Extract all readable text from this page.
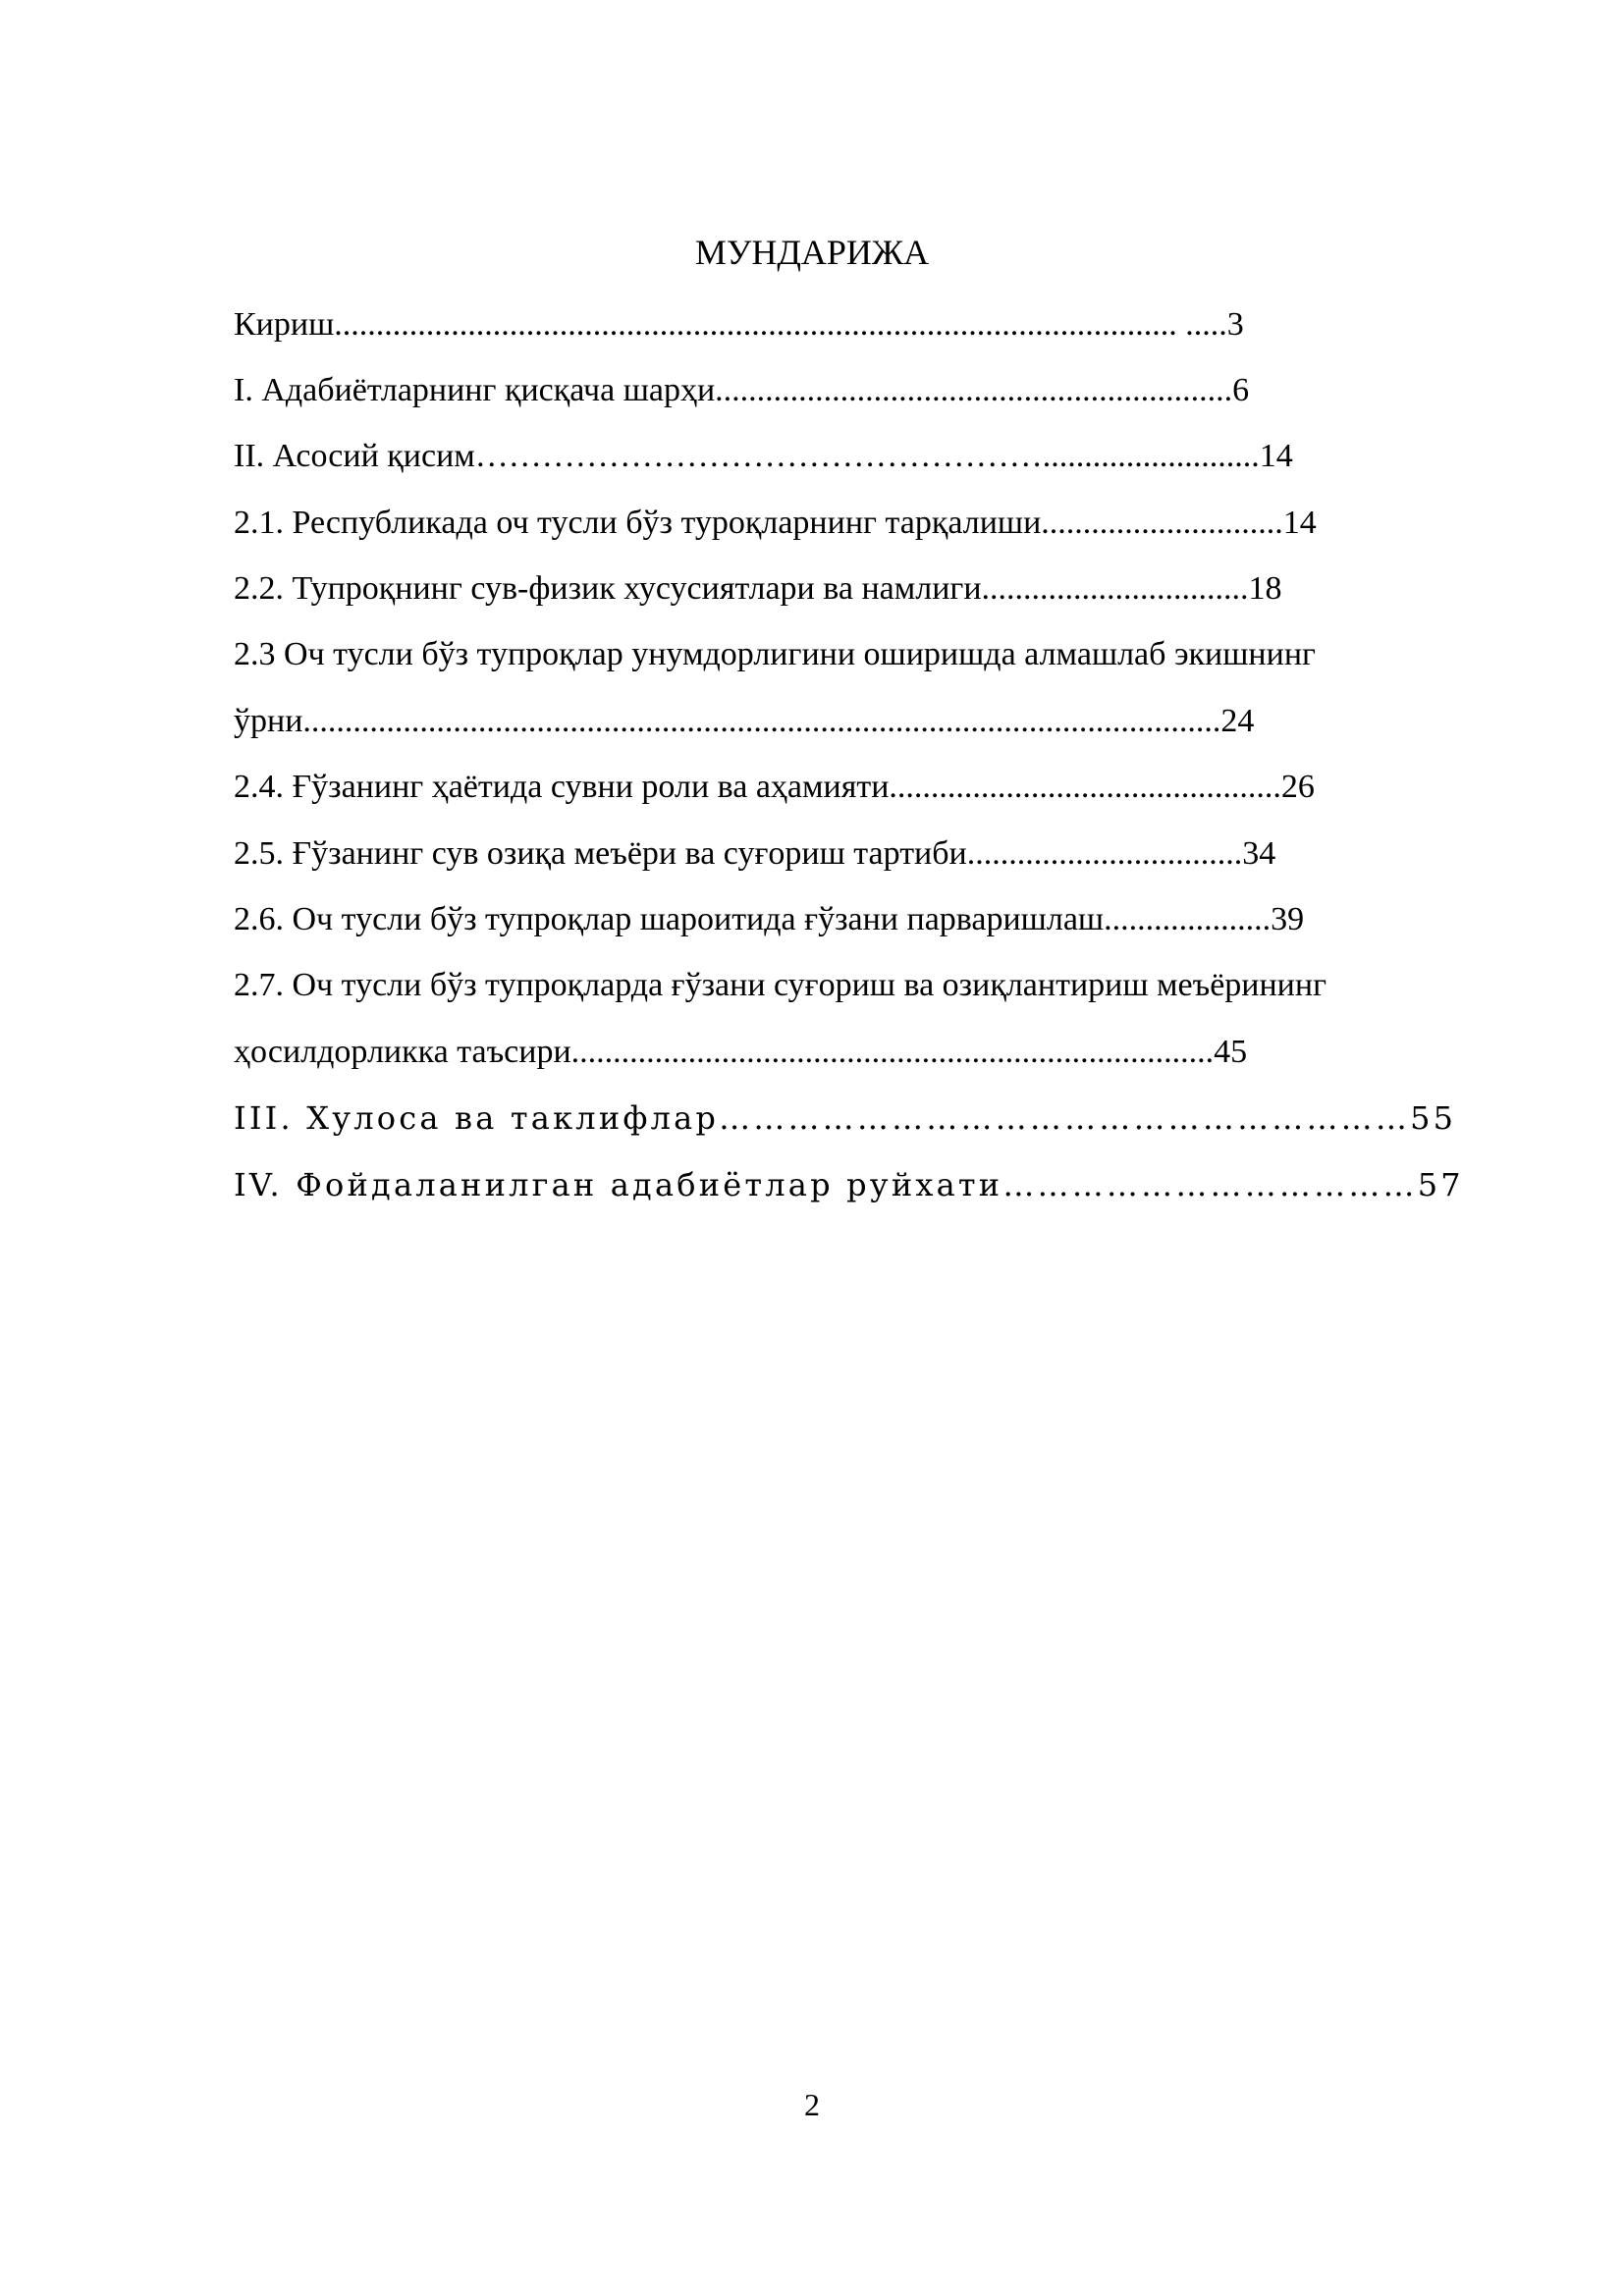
МУНДАРИЖА
Кириш..................................................................................................... .....3
I. Адабиётларнинг қисқача шарҳи..............................................................6
II. Асосий қисим……………………………………………..........................14
2.1. Республикада оч тусли бўз туроқларнинг тарқалиши.............................14
2.2. Тупроқнинг сув-физик хусусиятлари ва намлиги................................18
2.3 Оч тусли бўз тупроқлар унумдорлигини оширишда алмашлаб экишнинг
ўрни..............................................................................................................24
2.4. Ғўзанинг ҳаётида сувни роли ва аҳамияти...............................................26
2.5. Ғўзанинг сув озиқа меъёри ва суғориш тартиби.................................34
2.6. Оч тусли бўз тупроқлар шароитида ғўзани парваришлаш....................39
2.7. Оч тусли бўз тупроқларда ғўзани суғориш ва озиқлантириш меъёрининг
ҳосилдорликка таъсири.............................................................................45
III. Хулоса ва таклифлар……………………………………………………55
IV. Фойдаланилган адабиётлар руйхати………………………………57
2
